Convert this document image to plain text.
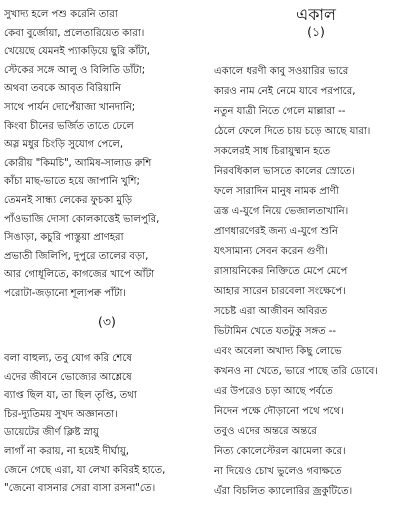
সুখাদ্য হলে পশু করেনি তারা
কেবা বুর্জোয়া, প্রলেতারিয়েত কারা।
খেয়েছে যেমনই প্যাকড়িয়ে ছুরি কাঁটা,
স্টেকের সঙ্গে আলু ও বিলিতি ডাঁটা;
অথবা তবকে আবৃত বিরিয়ানি
সাথে পার্যন দোপেঁয়াজা খানদানি;
কিংবা চীনের ভর্জিত তাতে ঢেলে
অস্ল মধুর চিংড়ি সুযোগ পেলে,
কোরীয় "কিমচি", আমিষ-সালাড রুশি
কাঁচা মাছ-ভাতে হয়ে জাপানি খুশি;
তেমনই সান্ধ্য লেকের ফুচকা মুড়ি
পাঁওভাজি দোসা কোলকাত্তেই ভালপুরি,
সিঙাড়া, কচুরি পাস্তুয়া প্রাণহরা
প্রভাতী জিলিপি, দুপুরে তালের বড়া,
আর গোধূলিতে, কাগজের খাপে আঁটা
পরোটা-জড়ানো শূল্যপক্ব পাঁটা।
(৩)
বলা বাহুল্য, তবু যোগ করি শেষে
এদের জীবনে ভোজ্যের আশ্লেষে
ব্যাপ্ত ছিল যা, তা ছিল তৃপ্তি, তথা
চির-দ্যুতিময় সুখদ অজ্ঞানতা।
ডায়েটের জীর্ণ ক্লিষ্ট স্নায়ু
লাগাঁ না করায়, না হয়েই দীর্ঘায়ু,
জেনে গেছে এরা, যা লেখা কবিরই হাতে,
"জেনো বাসনার সেরা বাসা রসনা"তে।
একাল
(১)
একালে ধরণী কাবু সওয়ারির ভারে
কারও নাম নেই নেমে যাবে পরপারে,
নতুন যাত্রী নিতে গেলে মাল্লারা --
ঠেলে ফেলে দিতে চায় চড়ে আছে যারা।
সকলেরই সাধ চিরায়ুষ্মান হতে
নিরবধিকাল ভাসতে কালের স্রোতে।
ফলে সারাদিন মানুষ নামক প্রাণী
ত্রস্ত এ-যুগে নিয়ে ভেজালতাখানি।
প্রাণধারণেরই জন্য এ-যুগে শুনি
যৎসামান্য সেবন করেন গুণী।
রাসায়নিকের নিক্তিতে মেপে মেপে
আহার সারেন চারবেলা সংক্ষেপে।
সচেষ্ট এরা আজীবন অবিরত
ভিটামিন খেতে যতটুকু সঙ্গত --
এবং অবেলা অখাদ্য কিছু লোভে
কখনও না খেতে, ভারে পাছে তরি ডোবে।
এর উপরেও চড়া আছে পর্বতে
নিদেন পক্ষে দৌড়ানো পথে পথে।
তবুও এদের অন্তরে অন্তরে
নিত্য কোলেস্টেরল ঝামেলা করে।
না দিয়েও চোখ ভুলেও গবাক্ষতে
এঁরা বিচলিত ক্যালোরির জ্রকুটিতে।
